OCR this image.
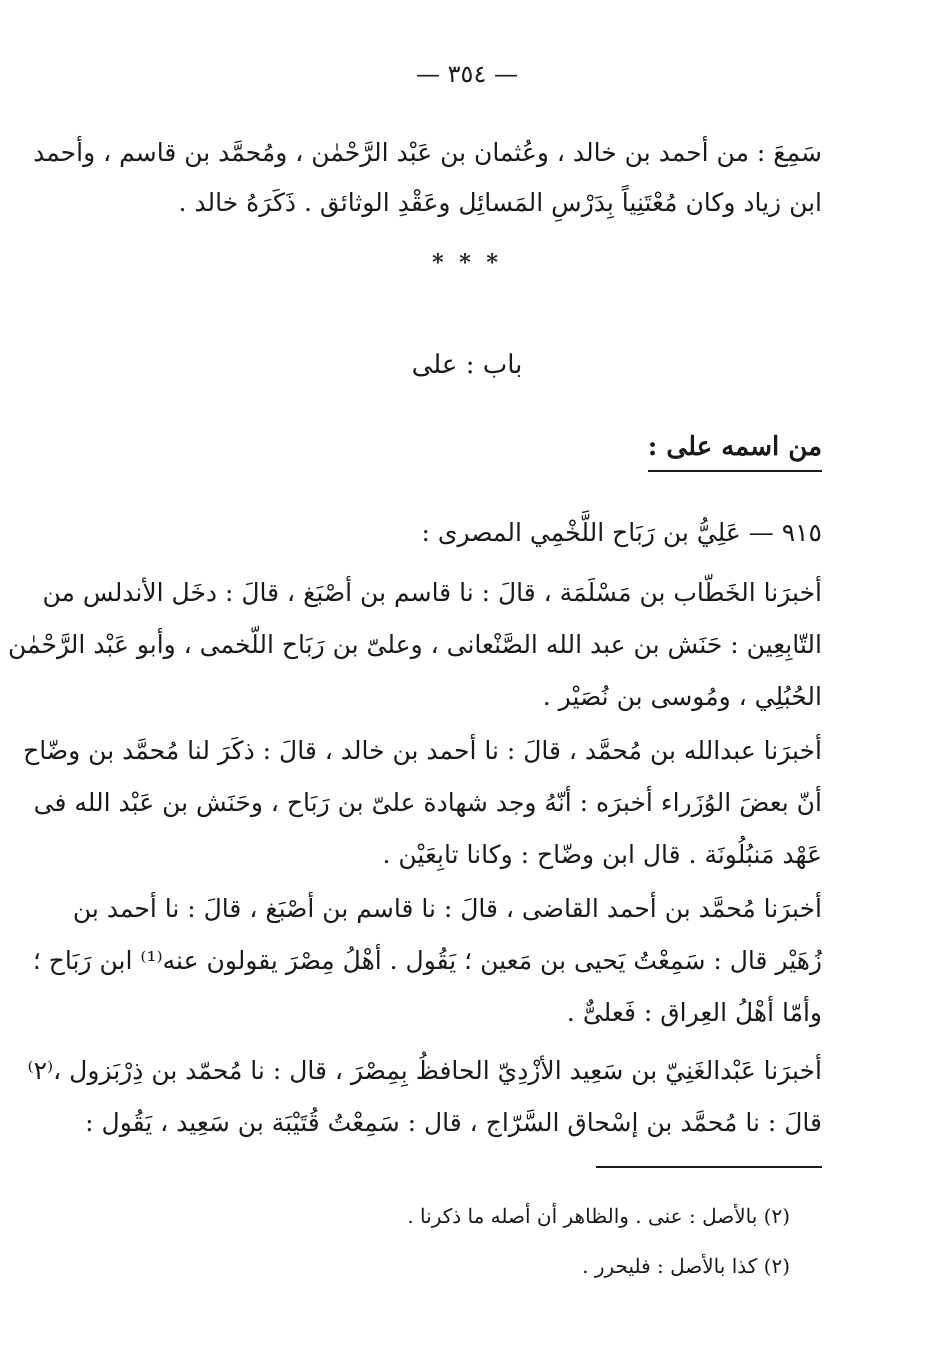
— ٣٥٤ —
سَمِعَ : من أحمد بن خالد ، وعُثمان بن عَبْد الرَّحْمٰن ، ومُحمَّد بن قاسم ، وأحمد
ابن زياد وكان مُعْتَنِياً بِدَرْسِ المَسائِل وعَقْدِ الوثائق . ذَكَرَهُ خالد .
* * *
باب : على
من اسمه على :
٩١٥ — عَلِيُّ بن رَبَاح اللَّخْمِي المصرى :
أخبرَنا الخَطّاب بن مَسْلَمَة ، قالَ : نا قاسم بن أصْبَغ ، قالَ : دخَل الأندلس من
التّابِعِين : حَنَش بن عبد الله الصَّنْعانى ، وعلىّ بن رَبَاح اللّخمى ، وأبو عَبْد الرَّحْمٰن
الحُبُلِي ، ومُوسى بن نُصَيْر .
أخبرَنا عبدالله بن مُحمَّد ، قالَ : نا أحمد بن خالد ، قالَ : ذكَرَ لنا مُحمَّد بن وضّاح
أنّ بعضَ الوُزَراء أخبرَه : أنّهُ وجد شهادة علىّ بن رَبَاح ، وحَنَش بن عَبْد الله فى
عَهْد مَنبُلُونَة . قال ابن وضّاح : وكانا تابِعَيْن .
أخبرَنا مُحمَّد بن أحمد القاضى ، قالَ : نا قاسم بن أصْبَغ ، قالَ : نا أحمد بن
زُهَيْر قال : سَمِعْتُ يَحيى بن مَعين ؛ يَقُول . أهْلُ مِصْرَ يقولون عنه⁽¹⁾ ابن رَبَاح ؛
وأمّا أهْلُ العِراق : فَعلىٌّ .
أخبرَنا عَبْدالغَنِيّ بن سَعِيد الأزْدِيّ الحافظُ بِمِصْرَ ، قال : نا مُحمّد بن ذِرْبَزول ،⁽٢⁾
قالَ : نا مُحمَّد بن إسْحاق السَّرّاج ، قال : سَمِعْتُ قُتَيْبَة بن سَعِيد ، يَقُول :
(٢) بالأصل : عنى . والظاهر أن أصله ما ذكرنا .
(٢) كذا بالأصل : فليحرر .
